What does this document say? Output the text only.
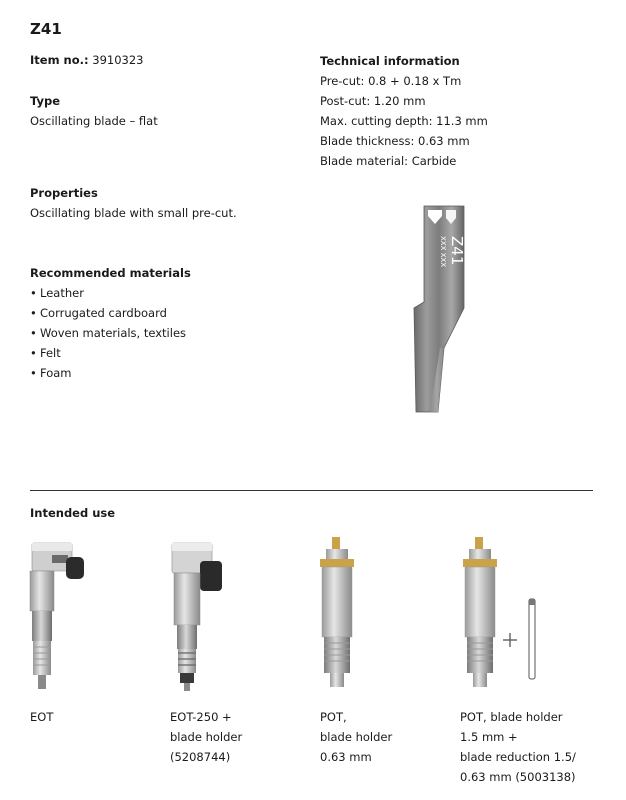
Z41
Item no.: 3910323
Type
Oscillating blade – flat
Technical information
Pre-cut: 0.8 + 0.18 x Tm
Post-cut: 1.20 mm
Max. cutting depth: 11.3 mm
Blade thickness: 0.63 mm
Blade material: Carbide
Properties
Oscillating blade with small pre-cut.
Recommended materials
• Leather
• Corrugated cardboard
• Woven materials, textiles
• Felt
• Foam
Z41
XXX XXX
Intended use
EOT	EOT-250 +
blade holder
(5208744)
POT,
blade holder
0.63 mm
POT, blade holder
1.5 mm +
blade reduction 1.5/
0.63 mm (5003138)
